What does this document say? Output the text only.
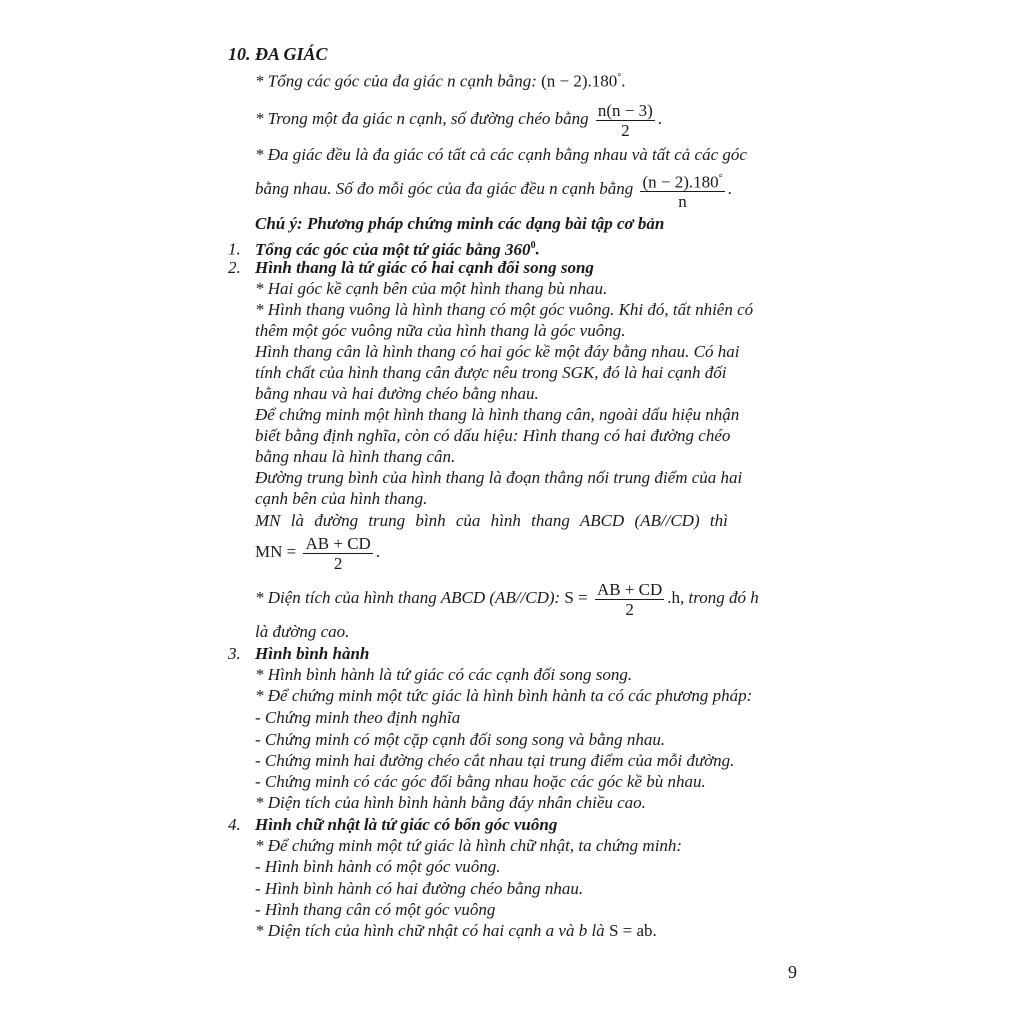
10. ĐA GIÁC
* Tổng các góc của đa giác n cạnh bằng: (n − 2).180°.
* Trong một đa giác n cạnh, số đường chéo bằng $\frac{n(n - 3)}{2}$ .
* Đa giác đều là đa giác có tất cả các cạnh bằng nhau và tất cả các góc
bằng nhau. Số đo mỗi góc của đa giác đều n cạnh bằng $\frac{(n - 2).180^\circ}{n}$ .
Chú ý: Phương pháp chứng minh các dạng bài tập cơ bản
1. Tổng các góc của một tứ giác bằng $360^0$.
2. Hình thang là tứ giác có hai cạnh đối song song
* Hai góc kề cạnh bên của một hình thang bù nhau.
* Hình thang vuông là hình thang có một góc vuông. Khi đó, tất nhiên có
thêm một góc vuông nữa của hình thang là góc vuông.
Hình thang cân là hình thang có hai góc kề một đáy bằng nhau. Có hai
tính chất của hình thang cân được nêu trong SGK, đó là hai cạnh đối
bằng nhau và hai đường chéo bằng nhau.
Để chứng minh một hình thang là hình thang cân, ngoài dấu hiệu nhận
biết bằng định nghĩa, còn có dấu hiệu: Hình thang có hai đường chéo
bằng nhau là hình thang cân.
Đường trung bình của hình thang là đoạn thẳng nối trung điểm của hai
cạnh bên của hình thang.
MN là đường trung bình của hình thang ABCD (AB//CD) thì
MN = $\frac{AB + CD}{2}$ .
* Diện tích của hình thang ABCD (AB//CD): $S = \frac{AB + CD}{2} .h$, trong đó h
là đường cao.
3. Hình bình hành
* Hình bình hành là tứ giác có các cạnh đối song song.
* Để chứng minh một tức giác là hình bình hành ta có các phương pháp:
- Chứng minh theo định nghĩa
- Chứng minh có một cặp cạnh đối song song và bằng nhau.
- Chứng minh hai đường chéo cắt nhau tại trung điểm của mỗi đường.
- Chứng minh có các góc đối bằng nhau hoặc các góc kề bù nhau.
* Diện tích của hình bình hành bằng đáy nhân chiều cao.
4. Hình chữ nhật là tứ giác có bốn góc vuông
* Để chứng minh một tứ giác là hình chữ nhật, ta chứng minh:
- Hình bình hành có một góc vuông.
- Hình bình hành có hai đường chéo bằng nhau.
- Hình thang cân có một góc vuông
* Diện tích của hình chữ nhật có hai cạnh a và b là S = ab.
9
